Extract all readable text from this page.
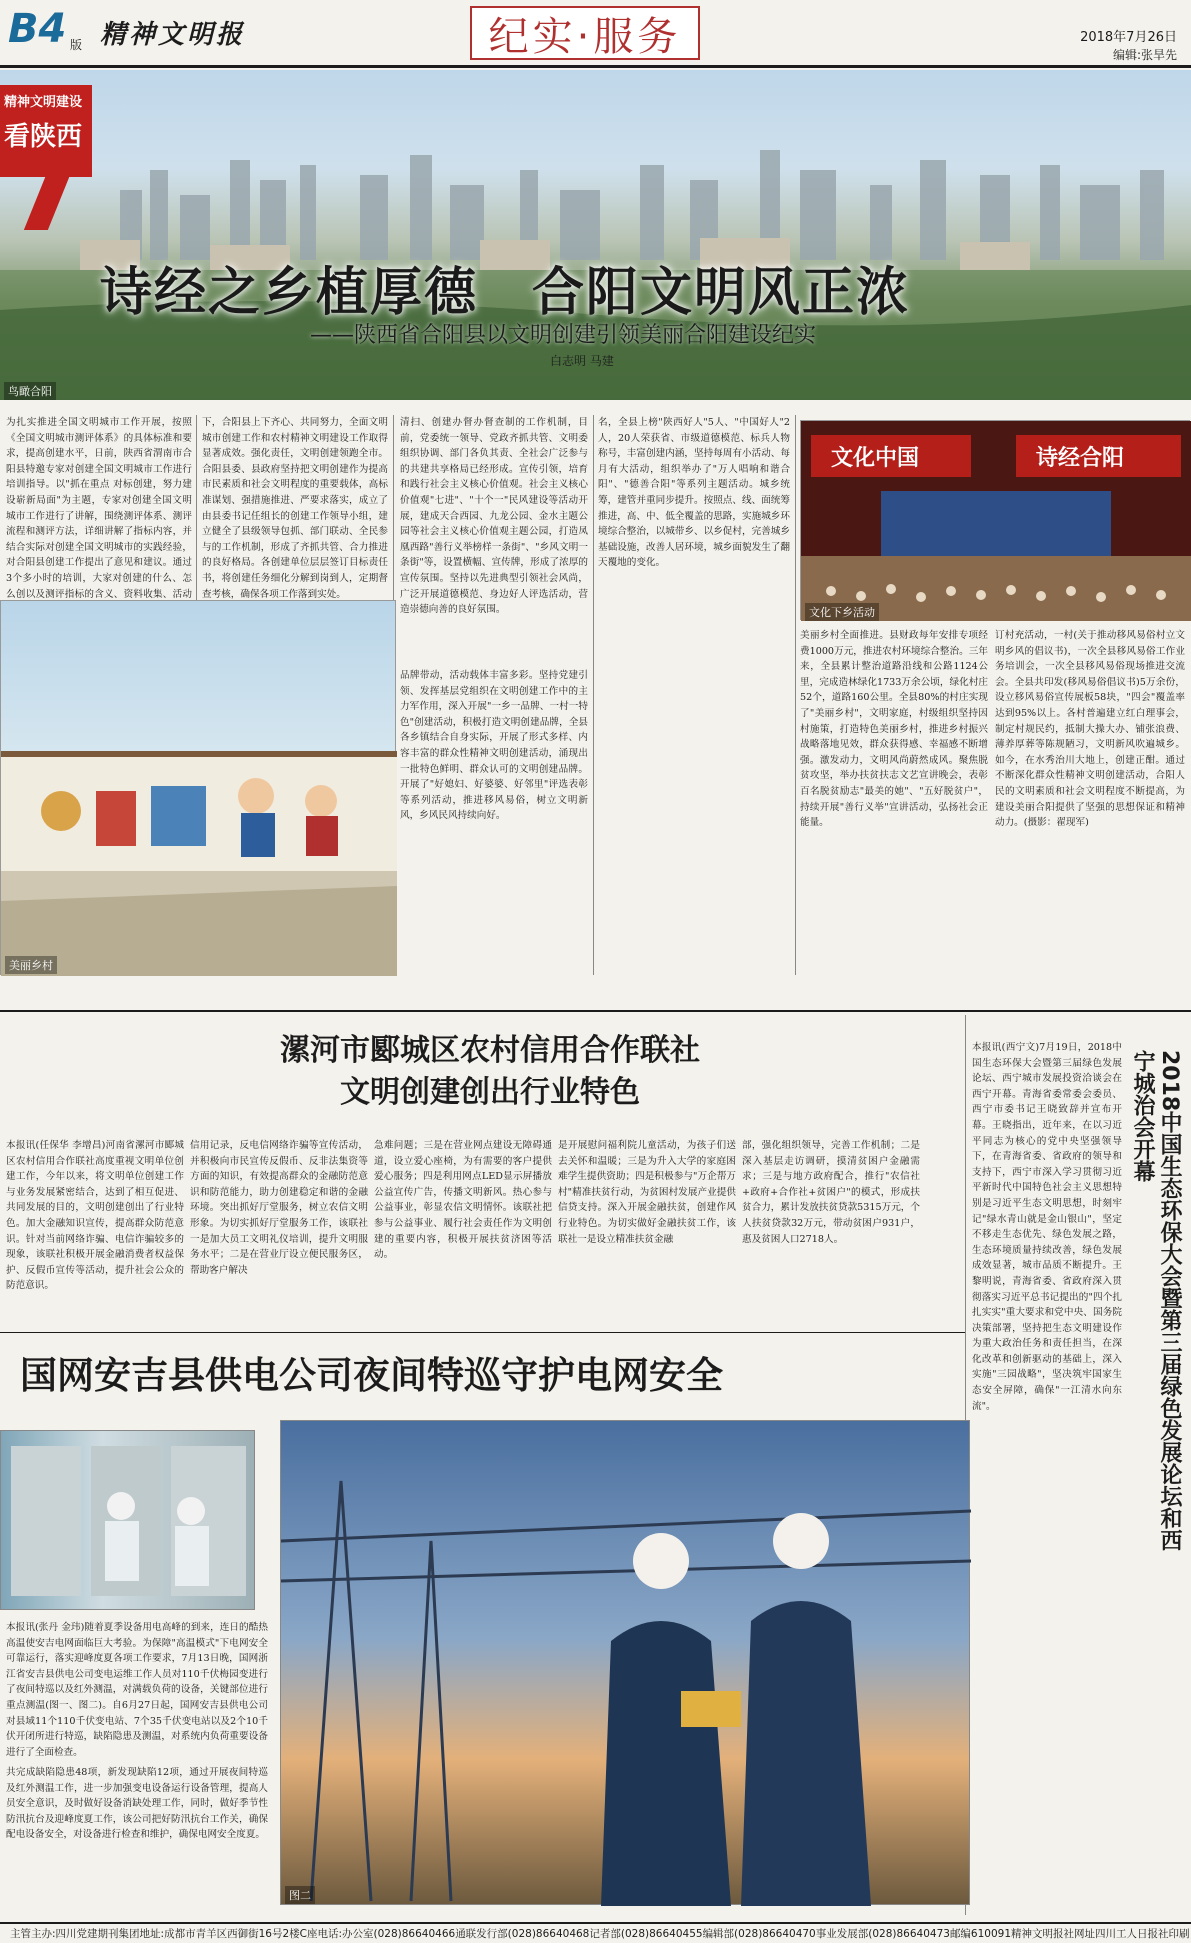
B4 版 精神文明报	纪实·服务	2018年7月26日
编辑:张旱先
鸟瞰合阳
精神文明建设
看陕西
诗经之乡植厚德　合阳文明风正浓
——陕西省合阳县以文明创建引领美丽合阳建设纪实
白志明 马建
为扎实推进全国文明城市工作开展，按照《全国文明城市测评体系》的具体标准和要求，提高创建水平，日前，陕西省渭南市合阳县特邀专家对创建全国文明城市工作进行培训指导。以"抓在重点 对标创建，努力建设崭新局面"为主题，专家对创建全国文明城市工作进行了讲解，围绕测评体系、测评流程和测评方法，详细讲解了指标内容，并结合实际对创建全国文明城市的实践经验，对合阳县创建工作提出了意见和建议。通过3个多小时的培训，大家对创建的什么、怎么创以及测评指标的含义、资料收集、活动
下，合阳县上下齐心、共同努力，全面文明城市创建工作和农村精神文明建设工作取得显著成效。强化责任，文明创建领跑全市。合阳县委、县政府坚持把文明创建作为提高市民素质和社会文明程度的重要载体，高标准谋划、强措施推进、严要求落实，成立了由县委书记任组长的创建工作领导小组，建立健全了县级领导包抓、部门联动、全民参与的工作机制，形成了齐抓共管、合力推进的良好格局。各创建单位层层签订目标责任书，将创建任务细化分解到岗到人，定期督查考核，确保各项工作落到实处。
清扫、创建办督办督查制的工作机制，目前，党委统一领导、党政齐抓共管、文明委组织协调、部门各负其责、全社会广泛参与的共建共享格局已经形成。宣传引领，培育和践行社会主义核心价值观。社会主义核心价值观"七进"、"十个一"民风建设等活动开展，建成天合西园、九龙公园、金水主题公园等社会主义核心价值观主题公园，打造凤凰西路"善行义举榜样一条街"、"乡风文明一条街"等，设置横幅、宣传牌，形成了浓厚的宣传氛围。坚持以先进典型引领社会风尚，广泛开展道德模范、身边好人评选活动，营造崇德向善的良好氛围。
品牌带动，活动载体丰富多彩。坚持党建引领、发挥基层党组织在文明创建工作中的主力军作用，深入开展"一乡一品牌、一村一特色"创建活动，积极打造文明创建品牌，全县各乡镇结合自身实际，开展了形式多样、内容丰富的群众性精神文明创建活动，涌现出一批特色鲜明、群众认可的文明创建品牌。开展了"好媳妇、好婆婆、好邻里"评选表彰等系列活动，推进移风易俗，树立文明新风，乡风民风持续向好。
名，全县上榜"陕西好人"5人、"中国好人"2人，20人荣获省、市级道德模范、标兵人物称号，丰富创建内涵，坚持每周有小活动、每月有大活动，组织举办了"万人唱响和谐合阳"、"德善合阳"等系列主题活动。城乡统筹，建管并重同步提升。按照点、线、面统筹推进，高、中、低全覆盖的思路，实施城乡环境综合整治，以城带乡、以乡促村，完善城乡基础设施，改善人居环境，城乡面貌发生了翻天覆地的变化。
美丽乡村全面推进。县财政每年安排专项经费1000万元，推进农村环境综合整治。三年来，全县累计整治道路沿线和公路1124公里，完成造林绿化1733万余公顷，绿化村庄52个，道路160公里。全县80%的村庄实现了"美丽乡村"，文明家庭，村级组织坚持因村施策，打造特色美丽乡村，推进乡村振兴战略落地见效，群众获得感、幸福感不断增强。激发动力，文明风尚蔚然成风。聚焦脱贫攻坚，举办扶贫扶志文艺宣讲晚会，表彰百名脱贫励志"最美的她"、"五好脱贫户"，持续开展"善行义举"宣讲活动，弘扬社会正能量。
订村充活动，一村(关于推动移风易俗村立文明乡风的倡议书)，一次全县移风易俗工作业务培训会，一次全县移风易俗现场推进交流会。全县共印发(移风易俗倡议书)5万余份，设立移风易俗宣传展板58块，"四会"覆盖率达到95%以上。各村普遍建立红白理事会，制定村规民约，抵制大操大办、铺张浪费、薄养厚葬等陈规陋习，文明新风吹遍城乡。如今，在水秀治川大地上，创建正酣。通过不断深化群众性精神文明创建活动，合阳人民的文明素质和社会文明程度不断提高，为建设美丽合阳提供了坚强的思想保证和精神动力。(摄影：翟现军)
美丽乡村
文化中国	诗经合阳
文化下乡活动
漯河市郾城区农村信用合作联社
文明创建创出行业特色
本报讯(任保华 李增昌)河南省漯河市郾城区农村信用合作联社高度重视文明单位创建工作，今年以来，将文明单位创建工作与业务发展紧密结合，达到了相互促进、共同发展的目的，文明创建创出了行业特色。加大金融知识宣传，提高群众防范意识。针对当前网络诈骗、电信诈骗较多的现象，该联社积极开展金融消费者权益保护、反假币宣传等活动，提升社会公众的防范意识。
信用记录，反电信网络诈骗等宣传活动，并积极向市民宣传反假币、反非法集资等方面的知识，有效提高群众的金融防范意识和防范能力，助力创建稳定和谐的金融环境。突出抓好厅堂服务，树立农信文明形象。为切实抓好厅堂服务工作，该联社一是加大员工文明礼仪培训，提升文明服务水平；二是在营业厅设立便民服务区，帮助客户解决
急难问题；三是在营业网点建设无障碍通道，设立爱心座椅，为有需要的客户提供爱心服务；四是利用网点LED显示屏播放公益宣传广告，传播文明新风。热心参与公益事业，彰显农信文明情怀。该联社把参与公益事业、履行社会责任作为文明创建的重要内容，积极开展扶贫济困等活动。
是开展慰问福利院儿童活动，为孩子们送去关怀和温暖；三是为升入大学的家庭困难学生提供资助；四是积极参与"万企帮万村"精准扶贫行动，为贫困村发展产业提供信贷支持。深入开展金融扶贫，创建作风行业特色。为切实做好金融扶贫工作，该联社一是设立精准扶贫金融
部，强化组织领导，完善工作机制；二是深入基层走访调研，摸清贫困户金融需求；三是与地方政府配合，推行"农信社+政府+合作社+贫困户"的模式，形成扶贫合力，累计发放扶贫贷款5315万元，个人扶贫贷款32万元，带动贫困户931户，惠及贫困人口2718人。	2018中国生态环保大会暨第三届绿色发展论坛和西宁城治会开幕
本报讯(西宁文)7月19日，2018中国生态环保大会暨第三届绿色发展论坛、西宁城市发展投资洽谈会在西宁开幕。青海省委常委会委员、西宁市委书记王晓致辞并宣布开幕。王晓指出，近年来，在以习近平同志为核心的党中央坚强领导下，在青海省委、省政府的领导和支持下，西宁市深入学习贯彻习近平新时代中国特色社会主义思想特别是习近平生态文明思想，时刻牢记"绿水青山就是金山银山"，坚定不移走生态优先、绿色发展之路，生态环境质量持续改善，绿色发展成效显著，城市品质不断提升。王黎明说，青海省委、省政府深入贯彻落实习近平总书记提出的"四个扎扎实实"重大要求和党中央、国务院决策部署，坚持把生态文明建设作为重大政治任务和责任担当，在深化改革和创新驱动的基础上，深入实施"三园战略"，坚决筑牢国家生态安全屏障，确保"一江清水向东流"。
国网安吉县供电公司夜间特巡守护电网安全
图二
本报讯(张丹 金玮)随着夏季设备用电高峰的到来，连日的酷热高温使安吉电网面临巨大考验。为保障"高温模式"下电网安全可靠运行，落实迎峰度夏各项工作要求，7月13日晚，国网浙江省安吉县供电公司变电运维工作人员对110千伏梅园变进行了夜间特巡以及红外测温，对满载负荷的设备，关键部位进行重点测温(图一、图二)。自6月27日起，国网安吉县供电公司对县域11个110千伏变电站、7个35千伏变电站以及2个10千伏开闭所进行特巡，缺陷隐患及测温，对系统内负荷重要设备进行了全面检查。
共完成缺陷隐患48项，新发现缺陷12项，通过开展夜间特巡及红外测温工作，进一步加强变电设备运行设备管理，提高人员安全意识，及时做好设备消缺处理工作，同时，做好季节性防汛抗台及迎峰度夏工作，该公司把好防汛抗台工作关，确保配电设备安全，对设备进行检查和维护，确保电网安全度夏。
主管主办:四川党建期刊集团 地址:成都市青羊区西御街16号2楼C座 电话:办公室(028)86640466 通联发行部(028)86640468 记者部(028)86640455 编辑部(028)86640470 事业发展部(028)86640473 邮编610091 精神文明报社网址 四川工人日报社印刷
